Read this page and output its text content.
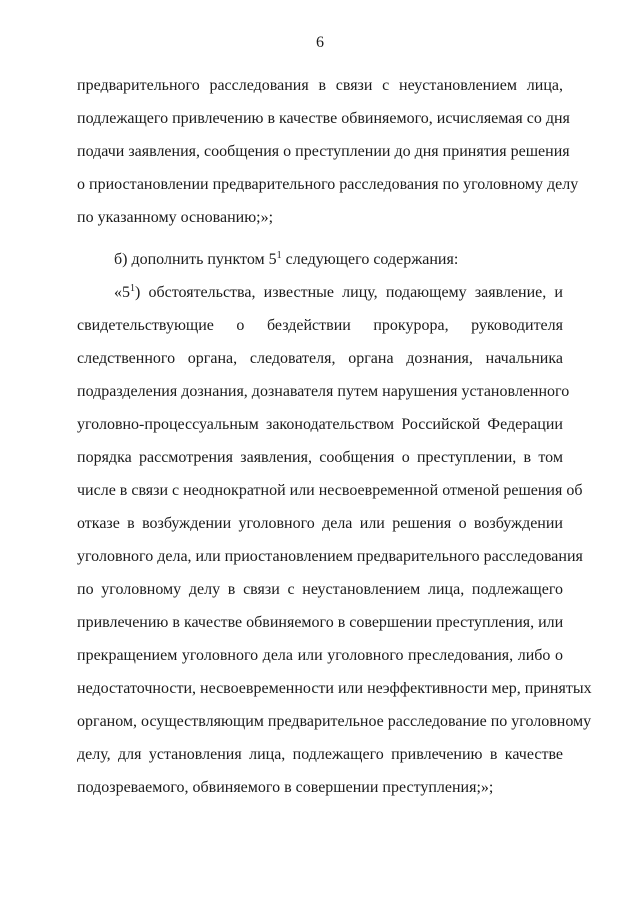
6
предварительного расследования в связи с неустановлением лица,
подлежащего привлечению в качестве обвиняемого, исчисляемая со дня
подачи заявления, сообщения о преступлении до дня принятия решения
о приостановлении предварительного расследования по уголовному делу
по указанному основанию;»;
б) дополнить пунктом $5^1$ следующего содержания:
«$5^1$) обстоятельства, известные лицу, подающему заявление, и
свидетельствующие о бездействии прокурора, руководителя
следственного органа, следователя, органа дознания, начальника
подразделения дознания, дознавателя путем нарушения установленного
уголовно-процессуальным законодательством Российской Федерации
порядка рассмотрения заявления, сообщения о преступлении, в том
числе в связи с неоднократной или несвоевременной отменой решения об
отказе в возбуждении уголовного дела или решения о возбуждении
уголовного дела, или приостановлением предварительного расследования
по уголовному делу в связи с неустановлением лица, подлежащего
привлечению в качестве обвиняемого в совершении преступления, или
прекращением уголовного дела или уголовного преследования, либо о
недостаточности, несвоевременности или неэффективности мер, принятых
органом, осуществляющим предварительное расследование по уголовному
делу, для установления лица, подлежащего привлечению в качестве
подозреваемого, обвиняемого в совершении преступления;»;
